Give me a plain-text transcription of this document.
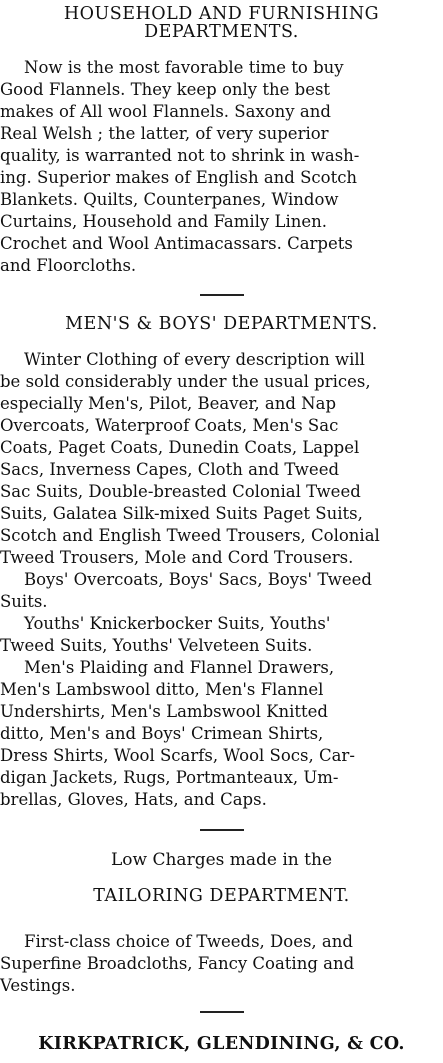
HOUSEHOLD AND FURNISHING
DEPARTMENTS.
Now is the most favorable time to buy
Good Flannels. They keep only the best
makes of All wool Flannels. Saxony and
Real Welsh ; the latter, of very superior
quality, is warranted not to shrink in wash-
ing. Superior makes of English and Scotch
Blankets. Quilts, Counterpanes, Window
Curtains, Household and Family Linen.
Crochet and Wool Antimacassars. Carpets
and Floorcloths.
MEN'S & BOYS' DEPARTMENTS.
Winter Clothing of every description will
be sold considerably under the usual prices,
especially Men's, Pilot, Beaver, and Nap
Overcoats, Waterproof Coats, Men's Sac
Coats, Paget Coats, Dunedin Coats, Lappel
Sacs, Inverness Capes, Cloth and Tweed
Sac Suits, Double-breasted Colonial Tweed
Suits, Galatea Silk-mixed Suits Paget Suits,
Scotch and English Tweed Trousers, Colonial
Tweed Trousers, Mole and Cord Trousers.
Boys' Overcoats, Boys' Sacs, Boys' Tweed
Suits.
Youths' Knickerbocker Suits, Youths'
Tweed Suits, Youths' Velveteen Suits.
Men's Plaiding and Flannel Drawers,
Men's Lambswool ditto, Men's Flannel
Undershirts, Men's Lambswool Knitted
ditto, Men's and Boys' Crimean Shirts,
Dress Shirts, Wool Scarfs, Wool Socs, Car-
digan Jackets, Rugs, Portmanteaux, Um-
brellas, Gloves, Hats, and Caps.
Low Charges made in the
TAILORING DEPARTMENT.
First-class choice of Tweeds, Does, and
Superfine Broadcloths, Fancy Coating and
Vestings.
KIRKPATRICK, GLENDINING, & CO.
